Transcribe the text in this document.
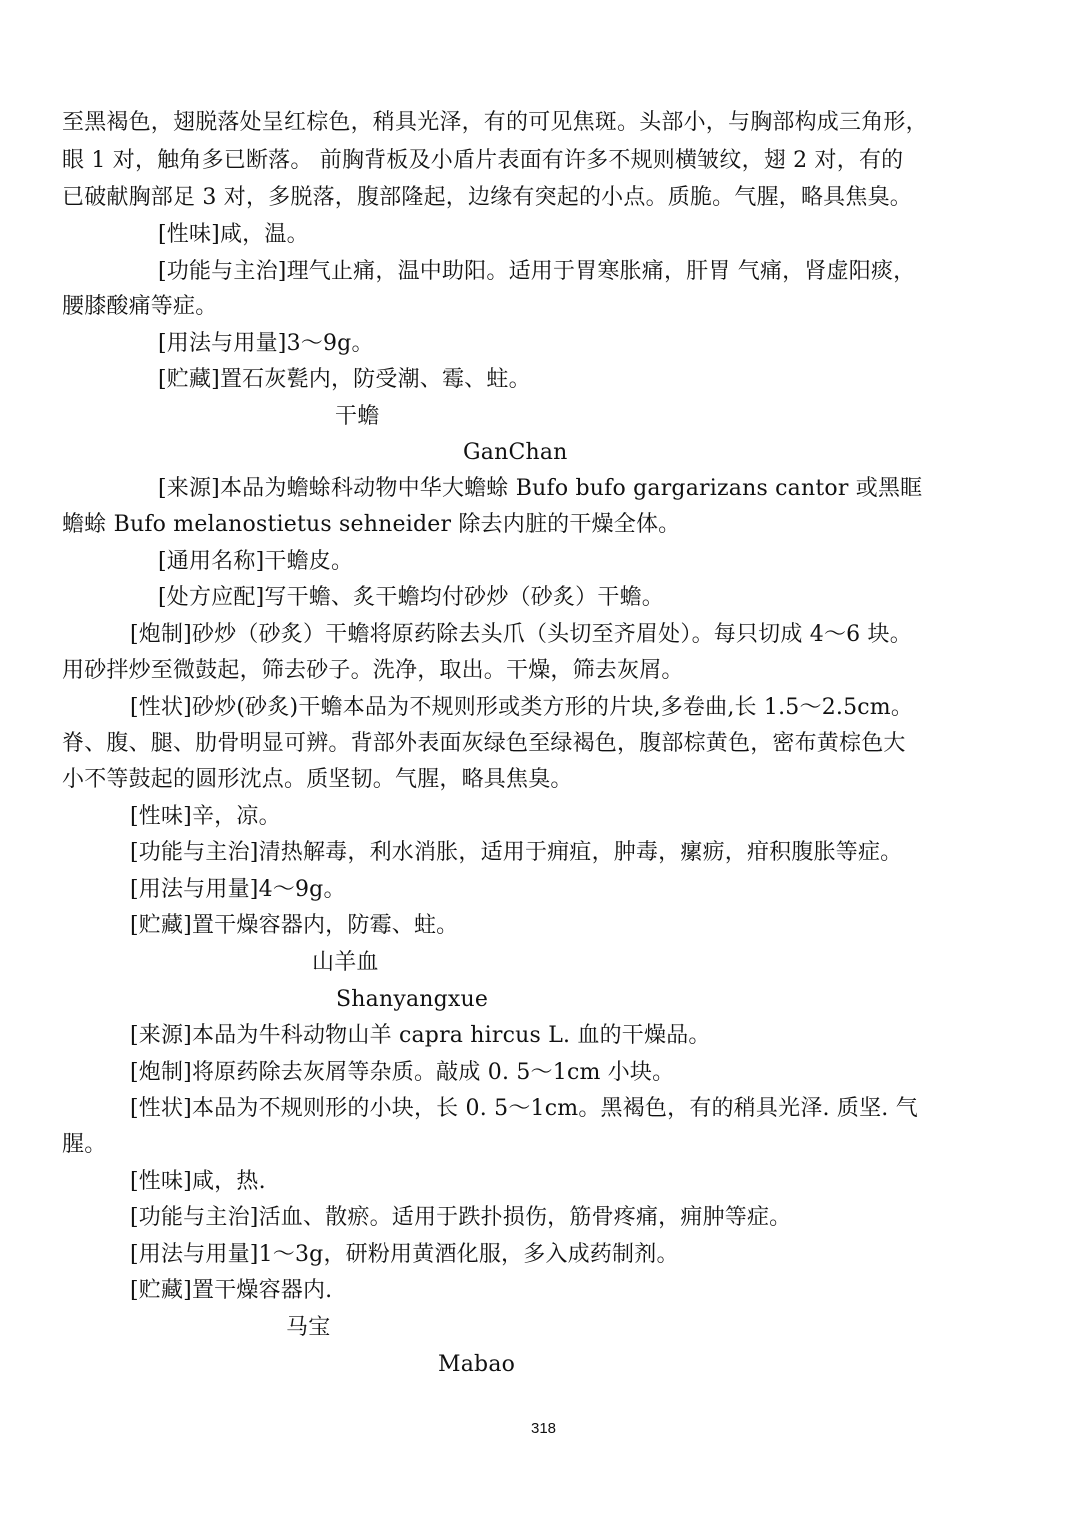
至黑褐色，翅脱落处呈红棕色，稍具光泽，有的可见焦斑。头部小，与胸部构成三角形，
眼 1 对，触角多已断落。 前胸背板及小盾片表面有许多不规则横皱纹，翅 2 对，有的
已破献胸部足 3 对，多脱落，腹部隆起，边缘有突起的小点。质脆。气腥，略具焦臭。
[性味]咸，温。
[功能与主治]理气止痛，温中助阳。适用于胃寒胀痛，肝胃 气痛，肾虚阳痰，
腰膝酸痛等症。
[用法与用量]3～9g。
[贮藏]置石灰甏内，防受潮、霉、蛀。
干蟾
GanChan
[来源]本品为蟾蜍科动物中华大蟾蜍 Bufo bufo gargarizans cantor 或黑眶
蟾蜍 Bufo melanostietus sehneider 除去内脏的干燥全体。
[通用名称]干蟾皮。
[处方应配]写干蟾、炙干蟾均付砂炒（砂炙）干蟾。
[炮制]砂炒（砂炙）干蟾将原药除去头爪（头切至齐眉处）。每只切成 4～6 块。
用砂拌炒至微鼓起，筛去砂子。洗净，取出。干燥，筛去灰屑。
[性状]砂炒(砂炙)干蟾本品为不规则形或类方形的片块,多卷曲,长 1.5～2.5cm。
脊、腹、腿、肋骨明显可辨。背部外表面灰绿色至绿褐色，腹部棕黄色，密布黄棕色大
小不等鼓起的圆形沈点。质坚韧。气腥，略具焦臭。
[性味]辛，凉。
[功能与主治]清热解毒，利水消胀，适用于痈疽，肿毒，瘰疬，疳积腹胀等症。
[用法与用量]4～9g。
[贮藏]置干燥容器内，防霉、蛀。
山羊血
Shanyangxue
[来源]本品为牛科动物山羊 capra hircus L. 血的干燥品。
[炮制]将原药除去灰屑等杂质。敲成 0. 5～1cm 小块。
[性状]本品为不规则形的小块，长 0. 5～1cm。黑褐色，有的稍具光泽. 质坚. 气
腥。
[性味]咸，热.
[功能与主治]活血、散瘀。适用于跌扑损伤，筋骨疼痛，痈肿等症。
[用法与用量]1～3g，研粉用黄酒化服，多入成药制剂。
[贮藏]置干燥容器内.
马宝
Mabao
318
